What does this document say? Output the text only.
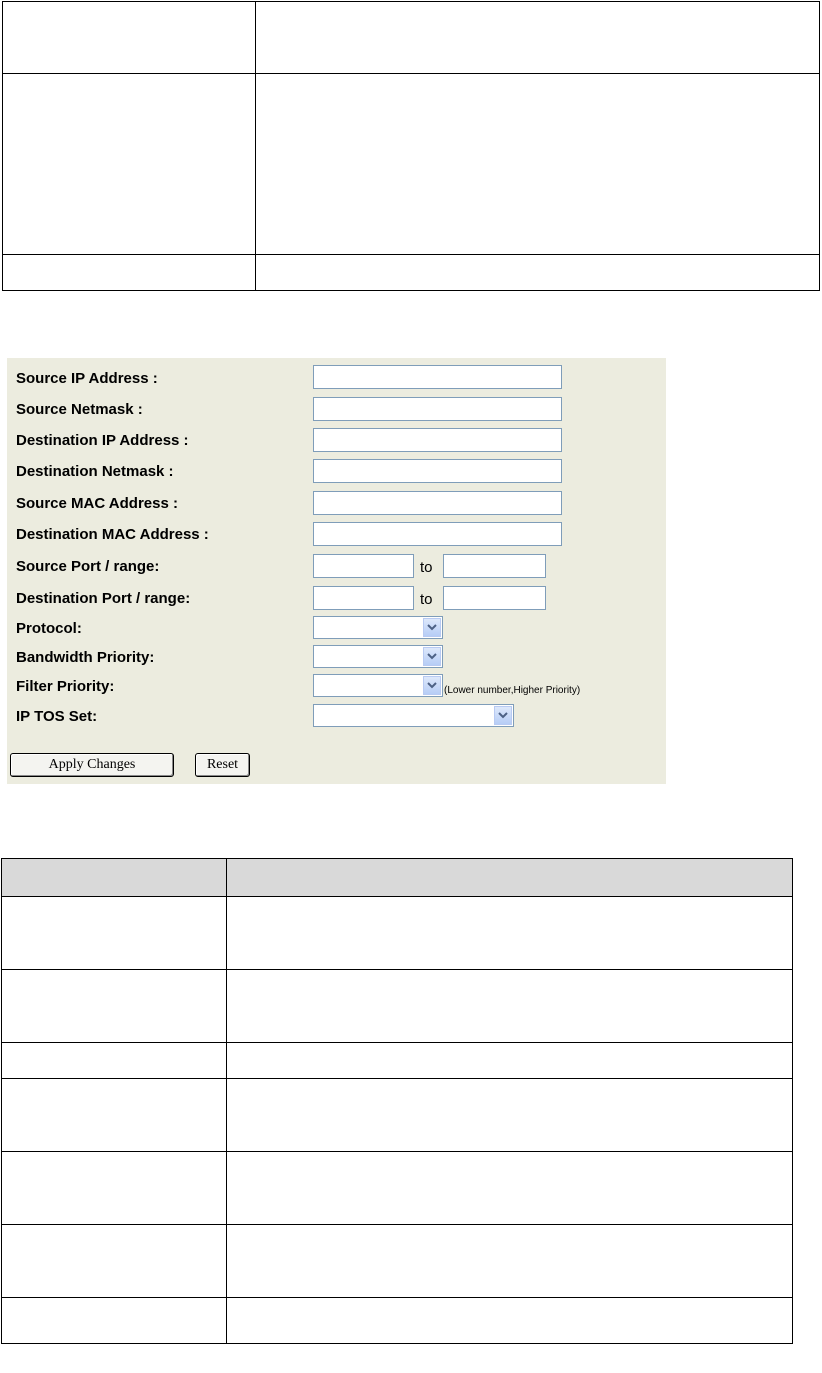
Source IP Address :
Source Netmask :
Destination IP Address :
Destination Netmask :
Source MAC Address :
Destination MAC Address :
Source Port / range:	to
Destination Port / range:	to
Protocol:
Bandwidth Priority:
Filter Priority:	(Lower number,Higher Priority)
IP TOS Set:
Apply Changes	Reset
